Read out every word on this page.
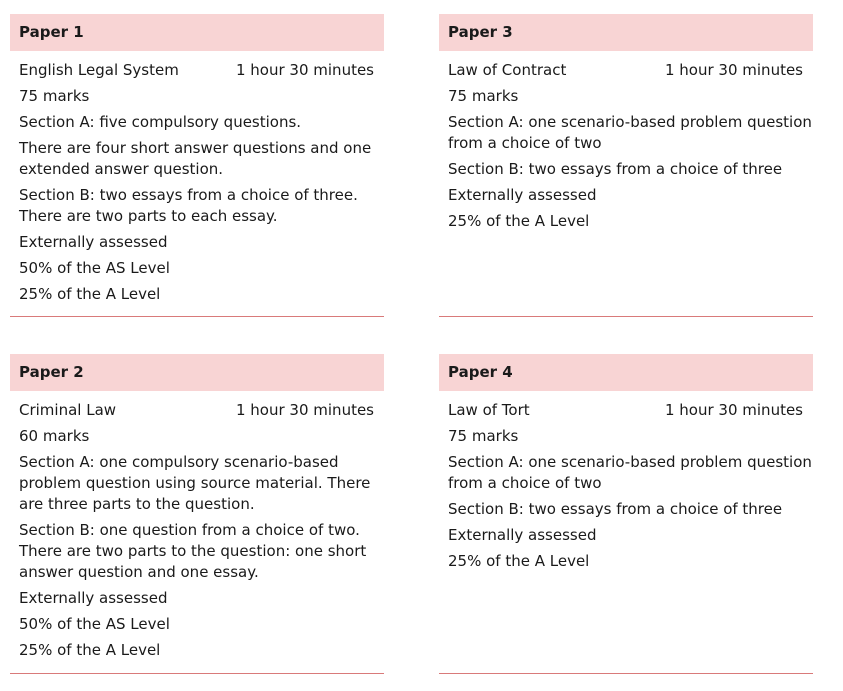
Paper 1
English Legal System	1 hour 30 minutes
75 marks
Section A: five compulsory questions.
There are four short answer questions and one extended answer question.
Section B: two essays from a choice of three. There are two parts to each essay.
Externally assessed
50% of the AS Level
25% of the A Level
Paper 3
Law of Contract	1 hour 30 minutes
75 marks
Section A: one scenario-based problem question from a choice of two
Section B: two essays from a choice of three
Externally assessed
25% of the A Level
Paper 2
Criminal Law	1 hour 30 minutes
60 marks
Section A: one compulsory scenario-based problem question using source material. There are three parts to the question.
Section B: one question from a choice of two. There are two parts to the question: one short answer question and one essay.
Externally assessed
50% of the AS Level
25% of the A Level
Paper 4
Law of Tort	1 hour 30 minutes
75 marks
Section A: one scenario-based problem question from a choice of two
Section B: two essays from a choice of three
Externally assessed
25% of the A Level
